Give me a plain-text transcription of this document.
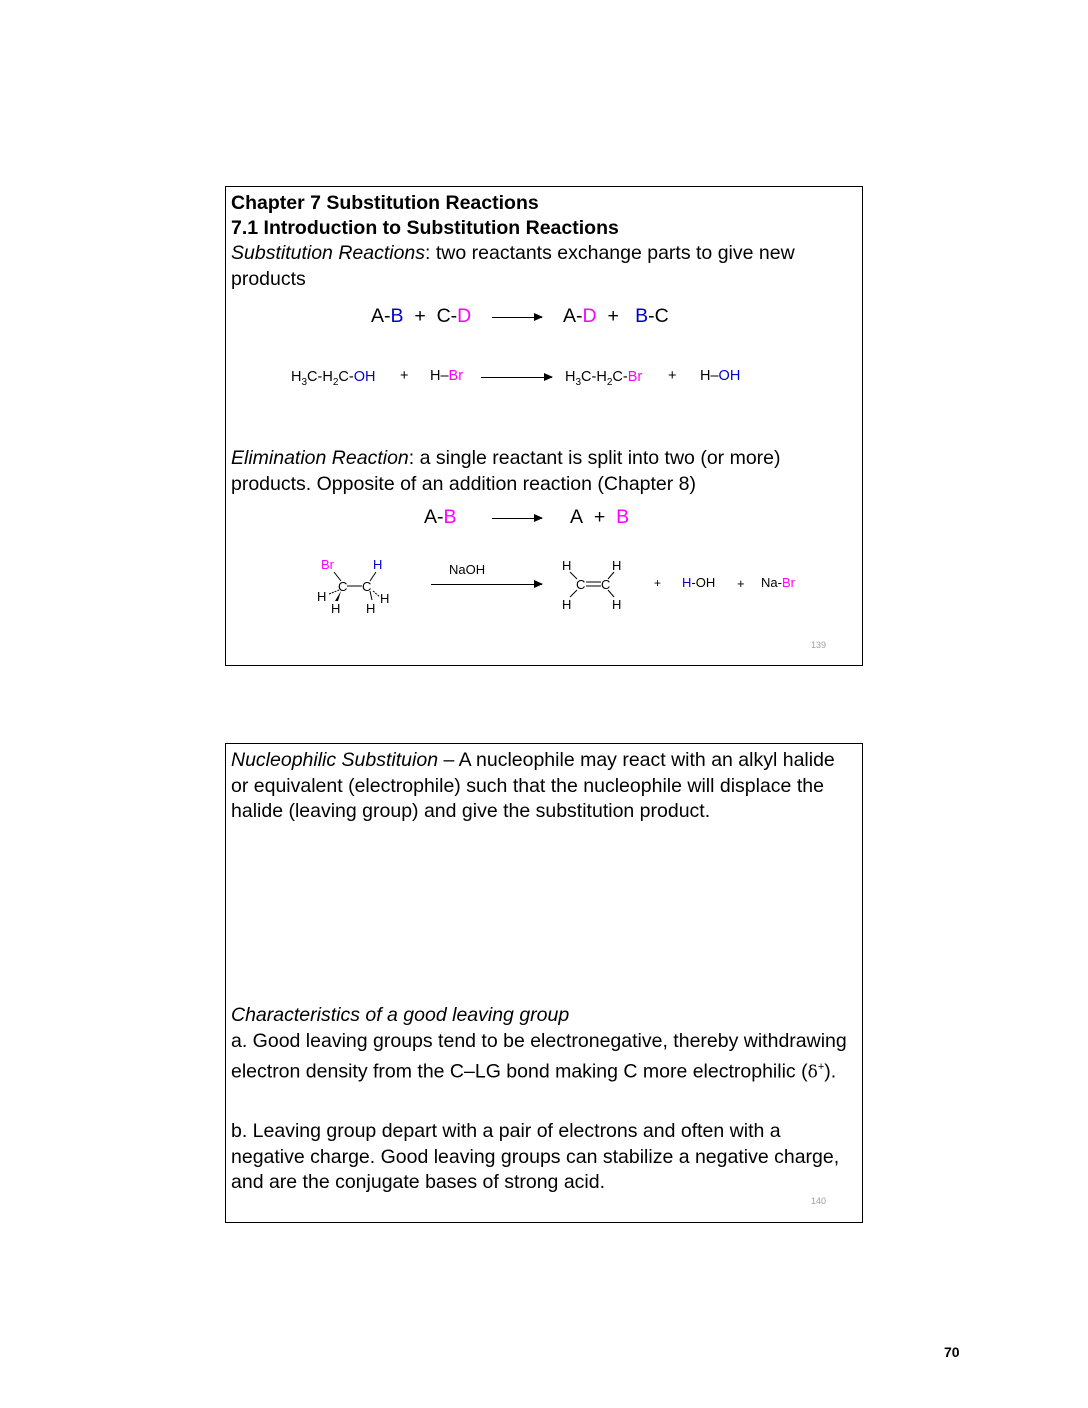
Chapter 7 Substitution Reactions
7.1 Introduction to Substitution Reactions
Substitution Reactions: two reactants exchange parts to give new products
A-B + C-D → A-D + B-C
$H_3C-H_2C-OH + H-Br$	$H_3C-H_2C-Br + H-OH$
Elimination Reaction: a single reactant is split into two (or more) products. Opposite of an addition reaction (Chapter 8)
A-B	A + B
Br	H
C C
H
H H
H
NaOH	H	H
C C
H	H
+ H-OH + Na-Br
139
Nucleophilic Substituion – A nucleophile may react with an alkyl halide or equivalent (electrophile) such that the nucleophile will displace the halide (leaving group) and give the substitution product.
Characteristics of a good leaving group
a. Good leaving groups tend to be electronegative, thereby withdrawing electron density from the C–LG bond making C more electrophilic (δ+).
b. Leaving group depart with a pair of electrons and often with a negative charge. Good leaving groups can stabilize a negative charge, and are the conjugate bases of strong acid.
140
70
